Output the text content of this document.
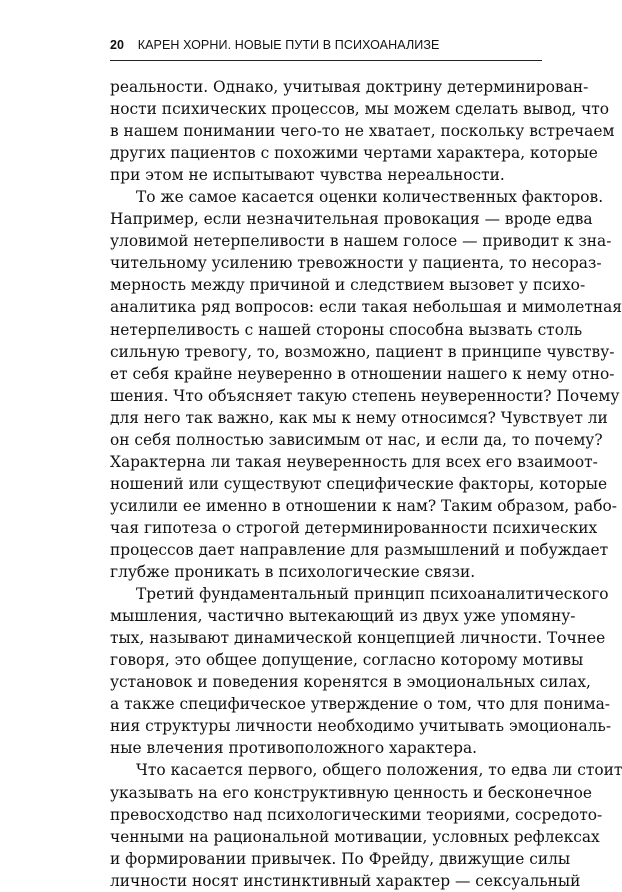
20 КАРЕН ХОРНИ. НОВЫЕ ПУТИ В ПСИХОАНАЛИЗЕ
реальности. Однако, учитывая доктрину детерминирован-
ности психических процессов, мы можем сделать вывод, что
в нашем понимании чего-то не хватает, поскольку встречаем
других пациентов с похожими чертами характера, которые
при этом не испытывают чувства нереальности.
То же самое касается оценки количественных факторов.
Например, если незначительная провокация — вроде едва
уловимой нетерпеливости в нашем голосе — приводит к зна-
чительному усилению тревожности у пациента, то несораз-
мерность между причиной и следствием вызовет у психо-
аналитика ряд вопросов: если такая небольшая и мимолетная
нетерпеливость с нашей стороны способна вызвать столь
сильную тревогу, то, возможно, пациент в принципе чувству-
ет себя крайне неуверенно в отношении нашего к нему отно-
шения. Что объясняет такую степень неуверенности? Почему
для него так важно, как мы к нему относимся? Чувствует ли
он себя полностью зависимым от нас, и если да, то почему?
Характерна ли такая неуверенность для всех его взаимоот-
ношений или существуют специфические факторы, которые
усилили ее именно в отношении к нам? Таким образом, рабо-
чая гипотеза о строгой детерминированности психических
процессов дает направление для размышлений и побуждает
глубже проникать в психологические связи.
Третий фундаментальный принцип психоаналитического
мышления, частично вытекающий из двух уже упомяну-
тых, называют динамической концепцией личности. Точнее
говоря, это общее допущение, согласно которому мотивы
установок и поведения коренятся в эмоциональных силах,
а также специфическое утверждение о том, что для понима-
ния структуры личности необходимо учитывать эмоциональ-
ные влечения противоположного характера.
Что касается первого, общего положения, то едва ли стоит
указывать на его конструктивную ценность и бесконечное
превосходство над психологическими теориями, сосредото-
ченными на рациональной мотивации, условных рефлексах
и формировании привычек. По Фрейду, движущие силы
личности носят инстинктивный характер — сексуальный
